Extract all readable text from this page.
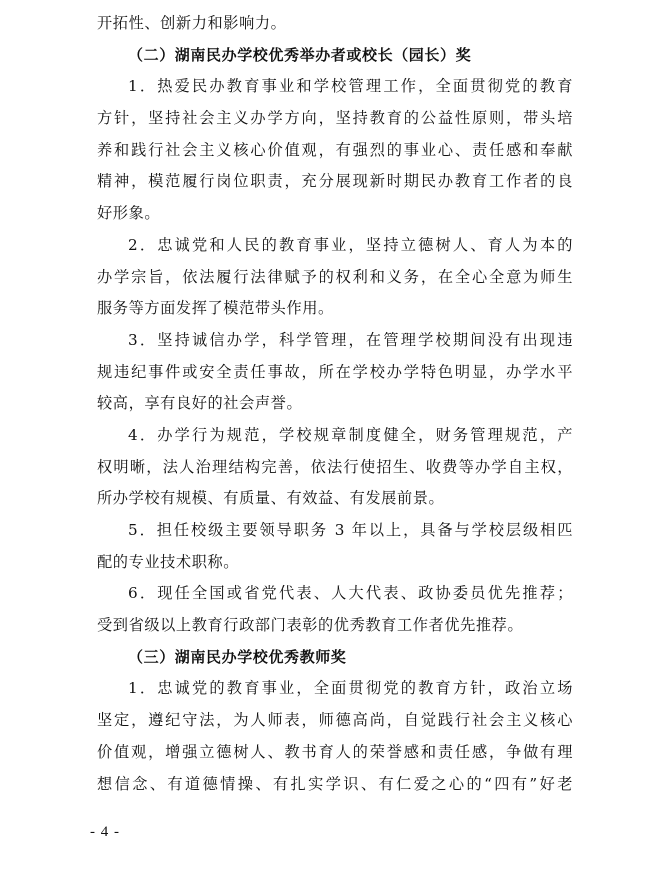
开拓性、创新力和影响力。
（二）湖南民办学校优秀举办者或校长（园长）奖
1．热爱民办教育事业和学校管理工作，全面贯彻党的教育
方针，坚持社会主义办学方向，坚持教育的公益性原则，带头培
养和践行社会主义核心价值观，有强烈的事业心、责任感和奉献
精神，模范履行岗位职责，充分展现新时期民办教育工作者的良
好形象。
2．忠诚党和人民的教育事业，坚持立德树人、育人为本的
办学宗旨，依法履行法律赋予的权利和义务，在全心全意为师生
服务等方面发挥了模范带头作用。
3．坚持诚信办学，科学管理，在管理学校期间没有出现违
规违纪事件或安全责任事故，所在学校办学特色明显，办学水平
较高，享有良好的社会声誉。
4．办学行为规范，学校规章制度健全，财务管理规范，产
权明晰，法人治理结构完善，依法行使招生、收费等办学自主权，
所办学校有规模、有质量、有效益、有发展前景。
5．担任校级主要领导职务 3 年以上，具备与学校层级相匹
配的专业技术职称。
6．现任全国或省党代表、人大代表、政协委员优先推荐；
受到省级以上教育行政部门表彰的优秀教育工作者优先推荐。
（三）湖南民办学校优秀教师奖
1．忠诚党的教育事业，全面贯彻党的教育方针，政治立场
坚定，遵纪守法，为人师表，师德高尚，自觉践行社会主义核心
价值观，增强立德树人、教书育人的荣誉感和责任感，争做有理
想信念、有道德情操、有扎实学识、有仁爱之心的“四有”好老
- 4 -
